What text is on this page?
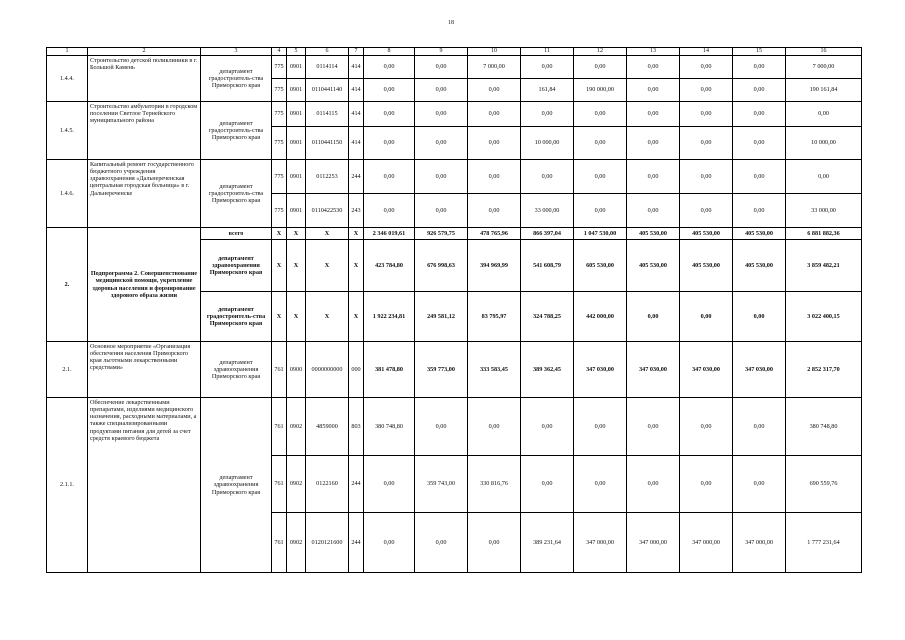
18
1	2	3	4	5	6	7	8	9	10	11	12	13	14	15	16
1.4.4.	Строительство детской поликлиники в г. Большой Камень	департамент градостроитель-ства Приморского края	775	0901	0114114	414	0,00	0,00	7 000,00	0,00	0,00	0,00	0,00	0,00	7 000,00
			775	0901	0110441140	414	0,00	0,00	0,00	161,84	190 000,00	0,00	0,00	0,00	190 161,84
1.4.5.	Строительство амбулатории в городском поселении Светлое Тернейского муниципального района	департамент градостроитель-ства Приморского края	775	0901	0114115	414	0,00	0,00	0,00	0,00	0,00	0,00	0,00	0,00	0,00
			775	0901	0110441150	414	0,00	0,00	0,00	10 000,00	0,00	0,00	0,00	0,00	10 000,00
1.4.6.	Капитальный ремонт государственного бюджетного учреждения здравоохранения «Дальнереченская центральная городская больница» в г. Дальнереченске	департамент градостроитель-ства Приморского края	775	0901	0112253	244	0,00	0,00	0,00	0,00	0,00	0,00	0,00	0,00	0,00
			775	0901	0110422530	243	0,00	0,00	0,00	33 000,00	0,00	0,00	0,00	0,00	33 000,00
2.	Подпрограмма 2. Совершенствование медицинской помощи, укрепление здоровья населения и формирование здорового образа жизни	всего	X	X	X	X	2 346 019,61	926 579,75	478 765,96	866 397,04	1 047 530,00	405 530,00	405 530,00	405 530,00	6 881 882,36
		департамент здравоохранения Приморского края	X	X	X	X	423 784,80	676 998,63	394 969,99	541 608,79	605 530,00	405 530,00	405 530,00	405 530,00	3 859 482,21
		департамент градостроитель-ства Приморского края	X	X	X	X	1 922 234,81	249 581,12	83 795,97	324 788,25	442 000,00	0,00	0,00	0,00	3 022 400,15
2.1.	Основное мероприятие «Организация обеспечения населения Приморского края льготными лекарственными средствами»	департамент здравоохранения Приморского края	761	0900	0000000000	000	381 478,80	359 773,00	333 583,45	389 362,45	347 030,00	347 030,00	347 030,00	347 030,00	2 852 317,70
2.1.1.	Обеспечение лекарственными препаратами, изделиями медицинского назначения, расходными материалами, а также специализированными продуктами питания для детей за счет средств краевого бюджета	департамент здравоохранения Приморского края	761	0902	4859000	803	380 748,80	0,00	0,00	0,00	0,00	0,00	0,00	0,00	380 748,80
			761	0902	0122160	244	0,00	359 743,00	330 816,76	0,00	0,00	0,00	0,00	0,00	690 559,76
			761	0902	0120121600	244	0,00	0,00	0,00	389 231,64	347 000,00	347 000,00	347 000,00	347 000,00	1 777 231,64
